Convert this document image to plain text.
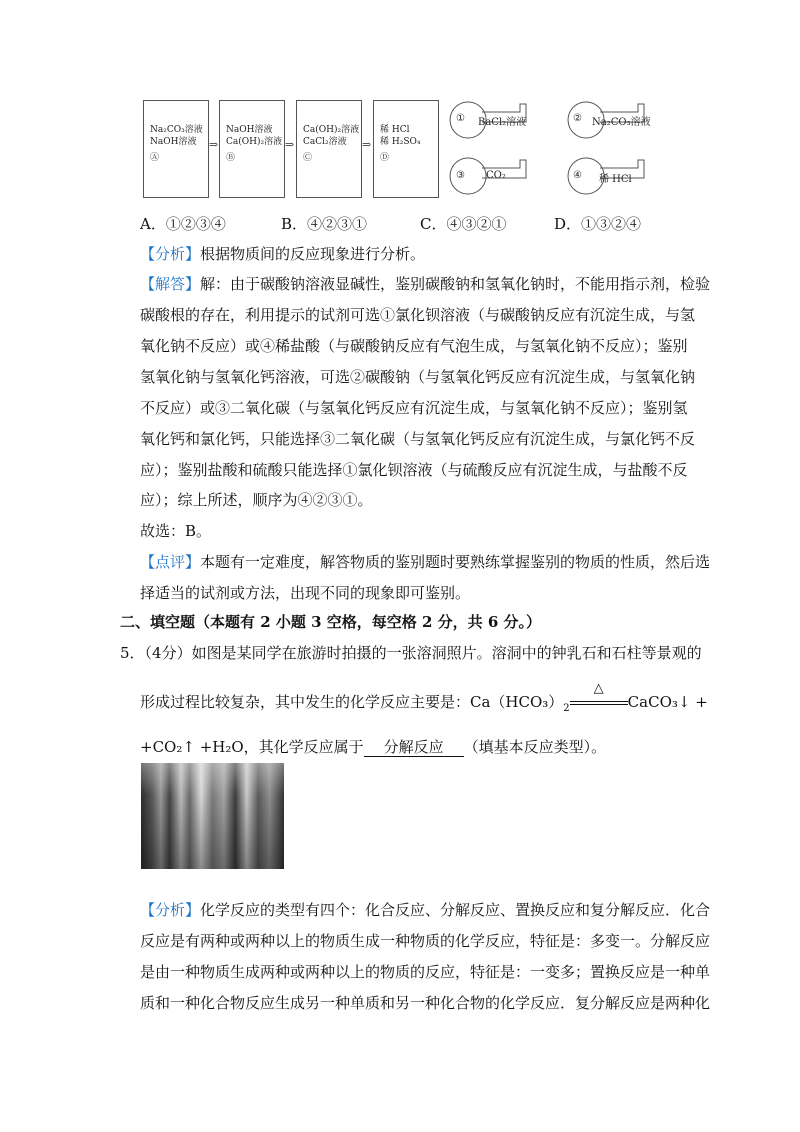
Na₂CO₃溶液
NaOH溶液
Ⓐ
⇒
NaOH溶液
Ca(OH)₂溶液
Ⓑ
⇒
Ca(OH)₂溶液
CaCl₂溶液
Ⓒ
⇒
稀 HCl
稀 H₂SO₄
Ⓓ
① BaCl₂溶液	② Na₂CO₃溶液
③ CO₂	④ 稀 HCl
A．①②③④	B．④②③①	C．④③②①	D．①③②④
【分析】根据物质间的反应现象进行分析。
【解答】解：由于碳酸钠溶液显碱性，鉴别碳酸钠和氢氧化钠时，不能用指示剂，检验
碳酸根的存在，利用提示的试剂可选①氯化钡溶液（与碳酸钠反应有沉淀生成，与氢
氧化钠不反应）或④稀盐酸（与碳酸钠反应有气泡生成，与氢氧化钠不反应）；鉴别
氢氧化钠与氢氧化钙溶液，可选②碳酸钠（与氢氧化钙反应有沉淀生成，与氢氧化钠
不反应）或③二氧化碳（与氢氧化钙反应有沉淀生成，与氢氧化钠不反应）；鉴别氢
氧化钙和氯化钙，只能选择③二氧化碳（与氢氧化钙反应有沉淀生成，与氯化钙不反
应）；鉴别盐酸和硫酸只能选择①氯化钡溶液（与硫酸反应有沉淀生成，与盐酸不反
应）；综上所述，顺序为④②③①。
故选：B。
【点评】本题有一定难度，解答物质的鉴别题时要熟练掌握鉴别的物质的性质，然后选
择适当的试剂或方法，出现不同的现象即可鉴别。
二、填空题（本题有 2 小题 3 空格，每空格 2 分，共 6 分。）
5．（4分）如图是某同学在旅游时拍摄的一张溶洞照片。溶洞中的钟乳石和石柱等景观的
形成过程比较复杂，其中发生的化学反应主要是：$Ca(HCO_3)_2$
△
CaCO₃↓ +
+CO₂↑ +H₂O，其化学反应属于 分解反应 （填基本反应类型）。
【分析】化学反应的类型有四个：化合反应、分解反应、置换反应和复分解反应．化合
反应是有两种或两种以上的物质生成一种物质的化学反应，特征是：多变一。分解反应
是由一种物质生成两种或两种以上的物质的反应，特征是：一变多；置换反应是一种单
质和一种化合物反应生成另一种单质和另一种化合物的化学反应．复分解反应是两种化
